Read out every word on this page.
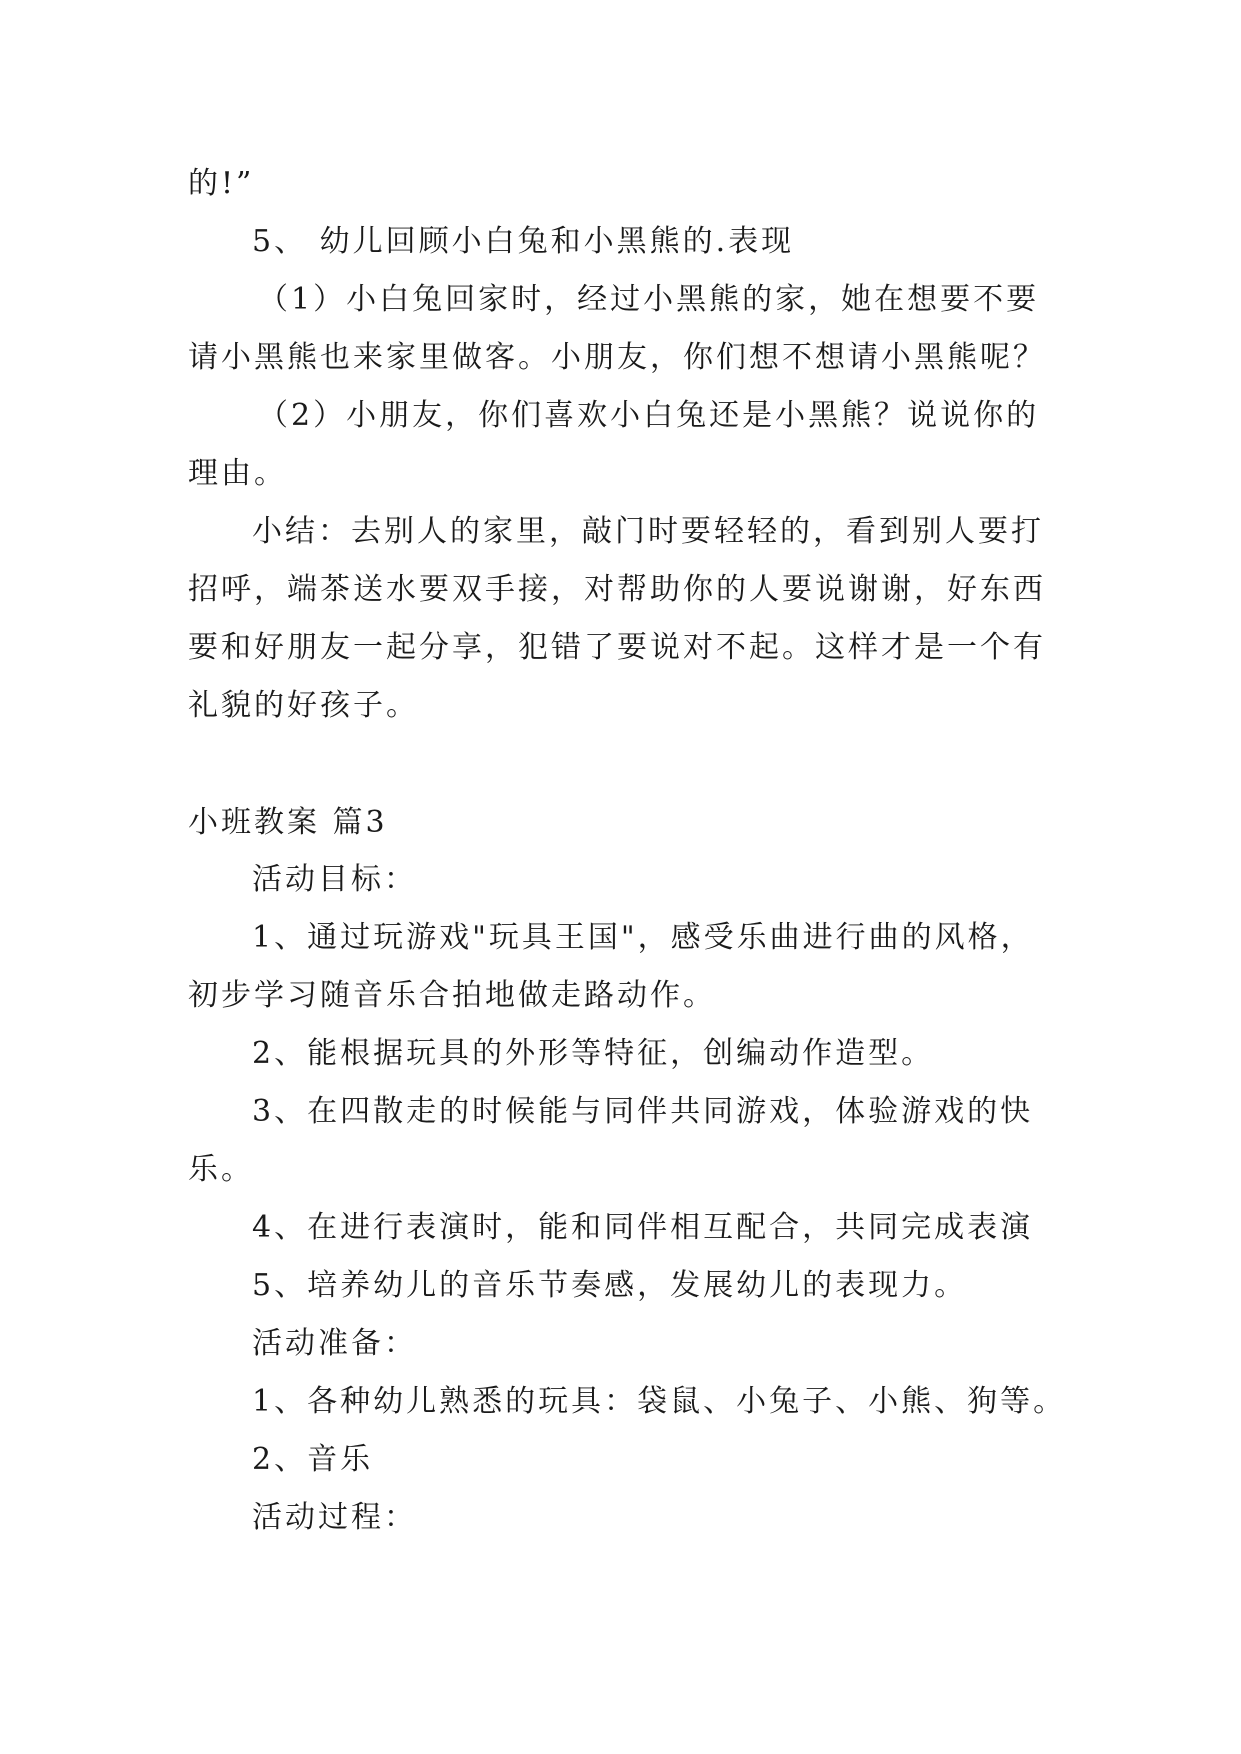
的!”
5、 幼儿回顾小白兔和小黑熊的.表现
（1）小白兔回家时，经过小黑熊的家，她在想要不要
请小黑熊也来家里做客。小朋友，你们想不想请小黑熊呢？
（2）小朋友，你们喜欢小白兔还是小黑熊？说说你的
理由。
小结：去别人的家里，敲门时要轻轻的，看到别人要打
招呼，端茶送水要双手接，对帮助你的人要说谢谢，好东西
要和好朋友一起分享，犯错了要说对不起。这样才是一个有
礼貌的好孩子。
小班教案 篇3
活动目标：
1、通过玩游戏"玩具王国"，感受乐曲进行曲的风格，
初步学习随音乐合拍地做走路动作。
2、能根据玩具的外形等特征，创编动作造型。
3、在四散走的时候能与同伴共同游戏，体验游戏的快
乐。
4、在进行表演时，能和同伴相互配合，共同完成表演
5、培养幼儿的音乐节奏感，发展幼儿的表现力。
活动准备：
1、各种幼儿熟悉的玩具：袋鼠、小兔子、小熊、狗等。
2、音乐
活动过程：
